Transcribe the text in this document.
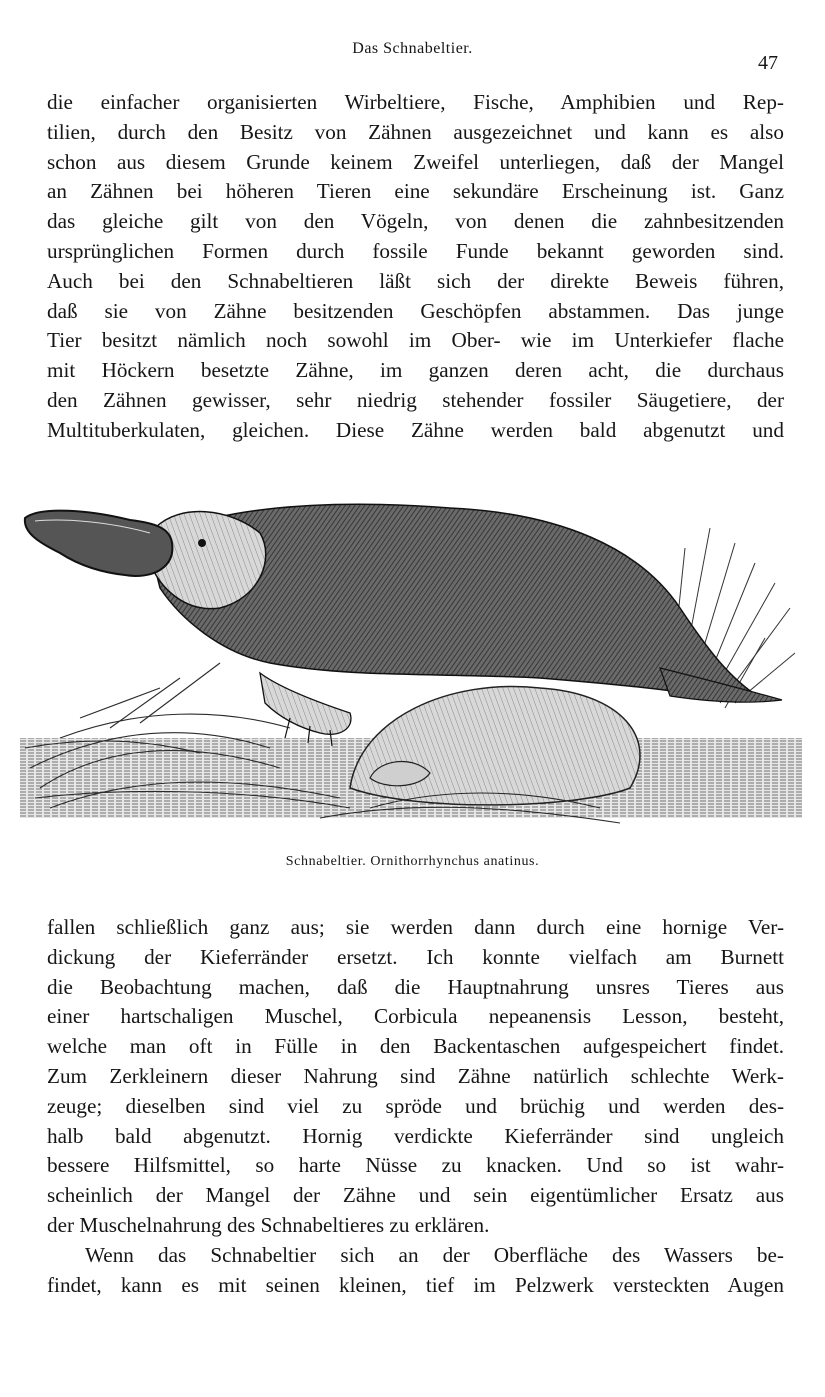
Das Schnabeltier.
47
die einfacher organisierten Wirbeltiere, Fische, Amphibien und Rep-
tilien, durch den Besitz von Zähnen ausgezeichnet und kann es also
schon aus diesem Grunde keinem Zweifel unterliegen, daß der Mangel
an Zähnen bei höheren Tieren eine sekundäre Erscheinung ist. Ganz
das gleiche gilt von den Vögeln, von denen die zahnbesitzenden
ursprünglichen Formen durch fossile Funde bekannt geworden sind.
Auch bei den Schnabeltieren läßt sich der direkte Beweis führen,
daß sie von Zähne besitzenden Geschöpfen abstammen. Das junge
Tier besitzt nämlich noch sowohl im Ober- wie im Unterkiefer flache
mit Höckern besetzte Zähne, im ganzen deren acht, die durchaus
den Zähnen gewisser, sehr niedrig stehender fossiler Säugetiere, der
Multituberkulaten, gleichen. Diese Zähne werden bald abgenutzt und
Schnabeltier. Ornithorrhynchus anatinus.
fallen schließlich ganz aus; sie werden dann durch eine hornige Ver-
dickung der Kieferränder ersetzt. Ich konnte vielfach am Burnett
die Beobachtung machen, daß die Hauptnahrung unsres Tieres aus
einer hartschaligen Muschel, Corbicula nepeanensis Lesson, besteht,
welche man oft in Fülle in den Backentaschen aufgespeichert findet.
Zum Zerkleinern dieser Nahrung sind Zähne natürlich schlechte Werk-
zeuge; dieselben sind viel zu spröde und brüchig und werden des-
halb bald abgenutzt. Hornig verdickte Kieferränder sind ungleich
bessere Hilfsmittel, so harte Nüsse zu knacken. Und so ist wahr-
scheinlich der Mangel der Zähne und sein eigentümlicher Ersatz aus
der Muschelnahrung des Schnabeltieres zu erklären.
Wenn das Schnabeltier sich an der Oberfläche des Wassers be-
findet, kann es mit seinen kleinen, tief im Pelzwerk versteckten Augen
